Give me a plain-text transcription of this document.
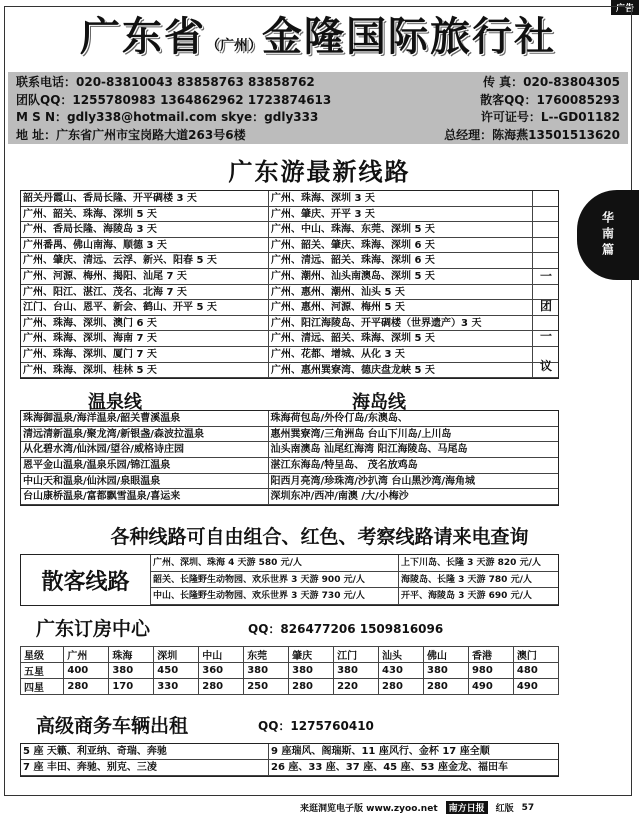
广告
广东省（广州）金隆国际旅行社
联系电话：020-83810043 83858763 83858762	传 真：020-83804305
团队QQ：1255780983 1364862962 1723874613	散客QQ：1760085293
M S N：gdly338@hotmail.com skye：gdly333	许可证号：L--GD01182
地 址：广东省广州市宝岗路大道263号6楼	总经理：陈海燕13501513620
广东游最新线路
华南篇
韶关丹霞山、香局长隆、开平碉楼 3 天	广州、珠海、深圳 3 天
广州、韶关、珠海、深圳 5 天	广州、肇庆、开平 3 天
广州、香局长隆、海陵岛 3 天	广州、中山、珠海、东莞、深圳 5 天
广州番禺、佛山南海、顺德 3 天	广州、韶关、肇庆、珠海、深圳 6 天
广州、肇庆、清远、云浮、新兴、阳春 5 天	广州、清远、韶关、珠海、深圳 6 天
广州、河源、梅州、揭阳、汕尾 7 天	广州、潮州、汕头南澳岛、深圳 5 天
广州、阳江、湛江、茂名、北海 7 天	广州、惠州、潮州、汕头 5 天
江门、台山、恩平、新会、鹤山、开平 5 天	广州、惠州、河源、梅州 5 天
广州、珠海、深圳、澳门 6 天	广州、阳江海陵岛、开平碉楼（世界遗产）3 天
广州、珠海、深圳、海南 7 天	广州、清远、韶关、珠海、深圳 5 天
广州、珠海、深圳、厦门 7 天	广州、花都、增城、从化 3 天
广州、珠海、深圳、桂林 5 天	广州、惠州巽寮湾、德庆盘龙峡 5 天
一
团
一
议
温泉线	海岛线
珠海御温泉/海洋温泉/韶关曹溪温泉	珠海荷包岛/外伶仃岛/东澳岛、
清远清新温泉/聚龙湾/新银盏/森波拉温泉	惠州巽寮湾/三角洲岛 台山下川岛/上川岛
从化碧水湾/仙沐园/望谷/威格诗庄园	汕头南澳岛 汕尾红海湾 阳江海陵岛、马尾岛
恩平金山温泉/温泉乐园/锦江温泉	湛江东海岛/特呈岛、 茂名放鸡岛
中山天和温泉/仙沐园/泉眼温泉	阳西月亮湾/珍珠湾/沙扒湾 台山黑沙湾/海角城
台山康桥温泉/富都飘雪温泉/喜运来	深圳东冲/西冲/南澳 /大/小梅沙
各种线路可自由组合、红色、考察线路请来电查询
散客线路
广州、深圳、珠海 4 天游 580 元/人	上下川岛、长隆 3 天游 820 元/人
韶关、长隆野生动物园、欢乐世界 3 天游 900 元/人	海陵岛、长隆 3 天游 780 元/人
中山、长隆野生动物园、欢乐世界 3 天游 730 元/人	开平、海陵岛 3 天游 690 元/人
广东订房中心	QQ：826477206 1509816096
星级	广州	珠海	深圳	中山	东莞	肇庆	江门	汕头	佛山	香港	澳门
五星	400	380	450	360	380	380	380	430	380	980	480
四星	280	170	330	280	250	280	220	280	280	490	490
高级商务车辆出租	QQ：1275760410
5 座 天籁、利亚纳、奇瑞、奔驰	9 座瑞风、阁瑞斯、11 座风行、金杯 17 座全顺
7 座 丰田、奔驰、别克、三凌	26 座、33 座、37 座、45 座、53 座金龙、福田车
来逛洞览电子版 www.zyoo.net	南方日报	红版 57
